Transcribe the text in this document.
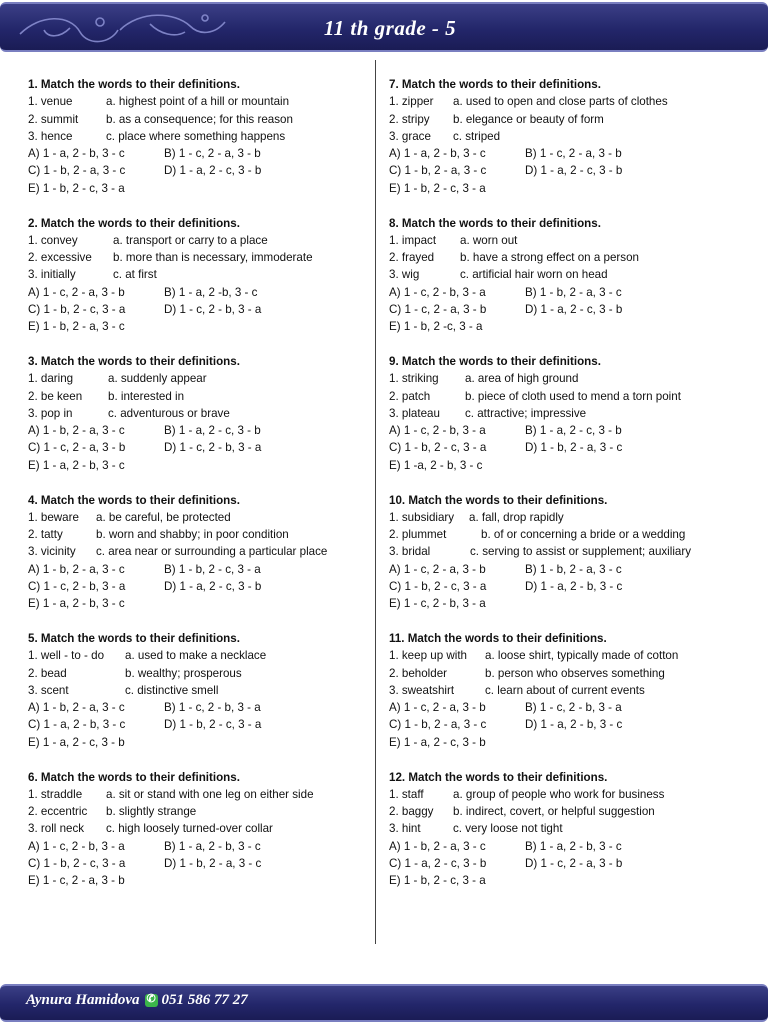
11 th grade - 5
1. Match the words to their definitions.
1. venue	a. highest point of a hill or mountain
2. summit	b. as a consequence; for this reason
3. hence	c. place where something happens
A) 1 - a, 2 - b, 3 - c	B) 1 - c, 2 - a, 3 - b
C) 1 - b, 2 - a, 3 - c	D) 1 - a, 2 - c, 3 - b
E) 1 - b, 2 - c, 3 - a
2. Match the words to their definitions.
1. convey	a. transport or carry to a place
2. excessive	b. more than is necessary, immoderate
3. initially	c. at first
A) 1 - c, 2 - a, 3 - b	B) 1 - a, 2 -b, 3 - c
C) 1 - b, 2 - c, 3 - a	D) 1 - c, 2 - b, 3 - a
E) 1 - b, 2 - a, 3 - c
3. Match the words to their definitions.
1. daring	a. suddenly appear
2. be keen	b. interested in
3. pop in	c. adventurous or brave
A) 1 - b, 2 - a, 3 - c	B) 1 - a, 2 - c, 3 - b
C) 1 - c, 2 - a, 3 - b	D) 1 - c, 2 - b, 3 - a
E) 1 - a, 2 - b, 3 - c
4. Match the words to their definitions.
1. beware	a. be careful, be protected
2. tatty	b. worn and shabby; in poor condition
3. vicinity	c. area near or surrounding a particular place
A) 1 - b, 2 - a, 3 - c	B) 1 - b, 2 - c, 3 - a
C) 1 - c, 2 - b, 3 - a	D) 1 - a, 2 - c, 3 - b
E) 1 - a, 2 - b, 3 - c
5. Match the words to their definitions.
1. well - to - do	a. used to make a necklace
2. bead	b. wealthy; prosperous
3. scent	c. distinctive smell
A) 1 - b, 2 - a, 3 - c	B) 1 - c, 2 - b, 3 - a
C) 1 - a, 2 - b, 3 - c	D) 1 - b, 2 - c, 3 - a
E) 1 - a, 2 - c, 3 - b
6. Match the words to their definitions.
1. straddle	a. sit or stand with one leg on either side
2. eccentric	b. slightly strange
3. roll neck	c. high loosely turned-over collar
A) 1 - c, 2 - b, 3 - a	B) 1 - a, 2 - b, 3 - c
C) 1 - b, 2 - c, 3 - a	D) 1 - b, 2 - a, 3 - c
E) 1 - c, 2 - a, 3 - b
7. Match the words to their definitions.
1. zipper	a. used to open and close parts of clothes
2. stripy	b. elegance or beauty of form
3. grace	c. striped
A) 1 - a, 2 - b, 3 - c	B) 1 - c, 2 - a, 3 - b
C) 1 - b, 2 - a, 3 - c	D) 1 - a, 2 - c, 3 - b
E) 1 - b, 2 - c, 3 - a
8. Match the words to their definitions.
1. impact	a. worn out
2. frayed	b. have a strong effect on a person
3. wig	c. artificial hair worn on head
A) 1 - c, 2 - b, 3 - a	B) 1 - b, 2 - a, 3 - c
C) 1 - c, 2 - a, 3 - b	D) 1 - a, 2 - c, 3 - b
E) 1 - b, 2 -c, 3 - a
9. Match the words to their definitions.
1. striking	a. area of high ground
2. patch	b. piece of cloth used to mend a torn point
3. plateau	c. attractive; impressive
A) 1 - c, 2 - b, 3 - a	B) 1 - a, 2 - c, 3 - b
C) 1 - b, 2 - c, 3 - a	D) 1 - b, 2 - a, 3 - c
E) 1 -a, 2 - b, 3 - c
10. Match the words to their definitions.
1. subsidiary	a. fall, drop rapidly
2. plummet	b. of or concerning a bride or a wedding
3. bridal	c. serving to assist or supplement; auxiliary
A) 1 - c, 2 - a, 3 - b	B) 1 - b, 2 - a, 3 - c
C) 1 - b, 2 - c, 3 - a	D) 1 - a, 2 - b, 3 - c
E) 1 - c, 2 - b, 3 - a
11. Match the words to their definitions.
1. keep up with	a. loose shirt, typically made of cotton
2. beholder	b. person who observes something
3. sweatshirt	c. learn about of current events
A) 1 - c, 2 - a, 3 - b	B) 1 - c, 2 - b, 3 - a
C) 1 - b, 2 - a, 3 - c	D) 1 - a, 2 - b, 3 - c
E) 1 - a, 2 - c, 3 - b
12. Match the words to their definitions.
1. staff	a. group of people who work for business
2. baggy	b. indirect, covert, or helpful suggestion
3. hint	c. very loose not tight
A) 1 - b, 2 - a, 3 - c	B) 1 - a, 2 - b, 3 - c
C) 1 - a, 2 - c, 3 - b	D) 1 - c, 2 - a, 3 - b
E) 1 - b, 2 - c, 3 - a
Aynura Hamidova
✆ 051 586 77 27
